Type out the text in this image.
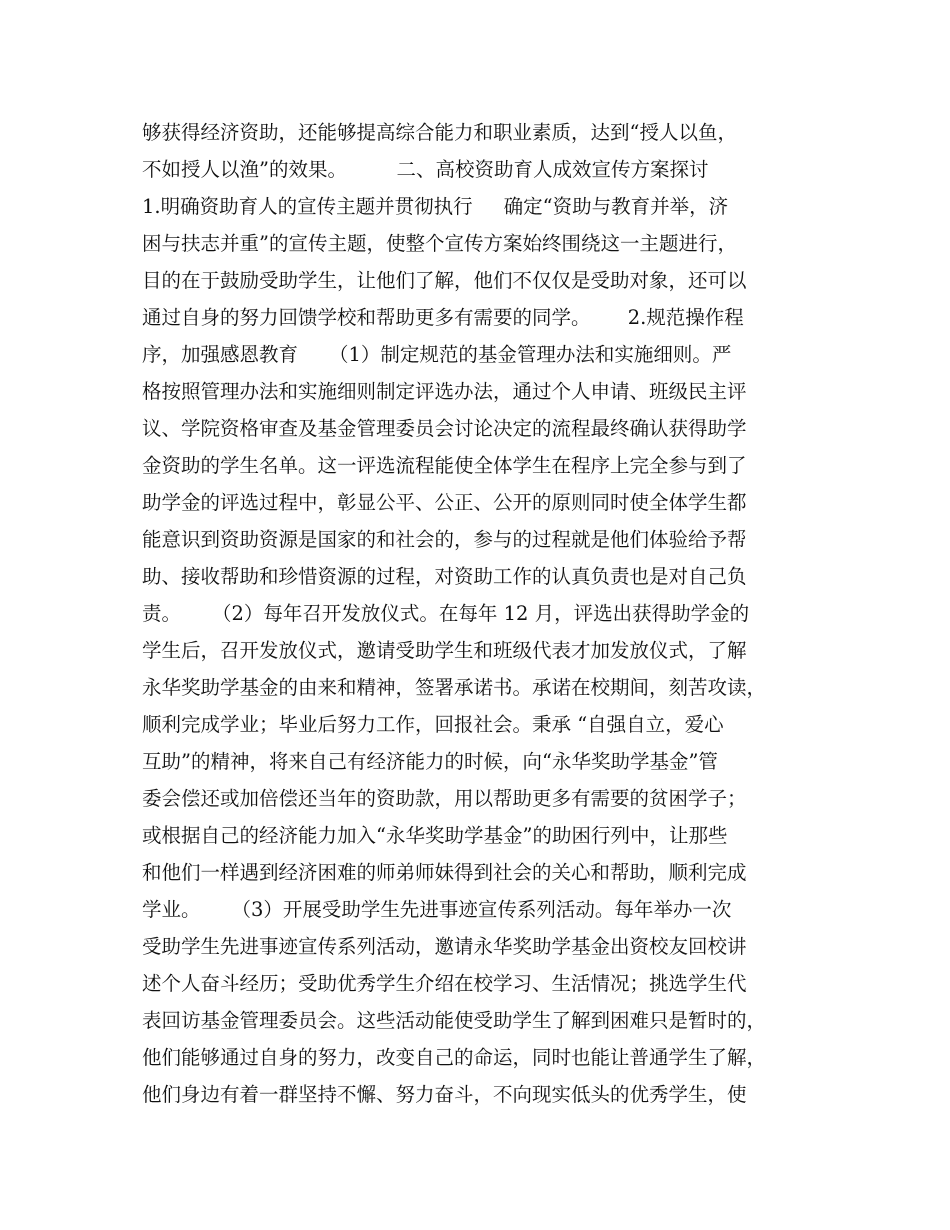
够获得经济资助，还能够提高综合能力和职业素质，达到“授人以鱼，
不如授人以渔”的效果。        二、高校资助育人成效宣传方案探讨
1.明确资助育人的宣传主题并贯彻执行     确定“资助与教育并举，济
困与扶志并重”的宣传主题，使整个宣传方案始终围绕这一主题进行，
目的在于鼓励受助学生，让他们了解，他们不仅仅是受助对象，还可以
通过自身的努力回馈学校和帮助更多有需要的同学。      2.规范操作程
序，加强感恩教育     （1）制定规范的基金管理办法和实施细则。严
格按照管理办法和实施细则制定评选办法，通过个人申请、班级民主评
议、学院资格审查及基金管理委员会讨论决定的流程最终确认获得助学
金资助的学生名单。这一评选流程能使全体学生在程序上完全参与到了
助学金的评选过程中，彰显公平、公正、公开的原则同时使全体学生都
能意识到资助资源是国家的和社会的，参与的过程就是他们体验给予帮
助、接收帮助和珍惜资源的过程，对资助工作的认真负责也是对自己负
责。     （2）每年召开发放仪式。在每年 12 月，评选出获得助学金的
学生后，召开发放仪式，邀请受助学生和班级代表才加发放仪式，了解
永华奖助学基金的由来和精神，签署承诺书。承诺在校期间，刻苦攻读，
顺利完成学业；毕业后努力工作，回报社会。秉承 “自强自立，爱心
互助”的精神，将来自己有经济能力的时候，向“永华奖助学基金”管
委会偿还或加倍偿还当年的资助款，用以帮助更多有需要的贫困学子；
或根据自己的经济能力加入“永华奖助学基金”的助困行列中，让那些
和他们一样遇到经济困难的师弟师妹得到社会的关心和帮助，顺利完成
学业。     （3）开展受助学生先进事迹宣传系列活动。每年举办一次
受助学生先进事迹宣传系列活动，邀请永华奖助学基金出资校友回校讲
述个人奋斗经历；受助优秀学生介绍在校学习、生活情况；挑选学生代
表回访基金管理委员会。这些活动能使受助学生了解到困难只是暂时的，
他们能够通过自身的努力，改变自己的命运，同时也能让普通学生了解，
他们身边有着一群坚持不懈、努力奋斗，不向现实低头的优秀学生，使
